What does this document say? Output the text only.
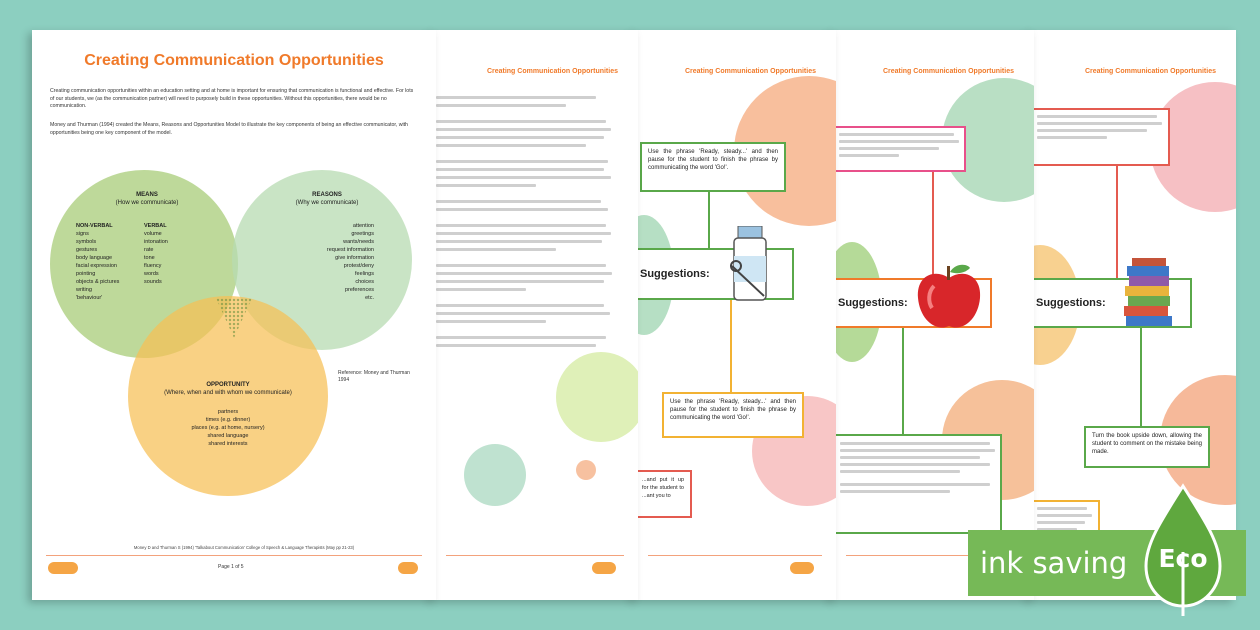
Creating Communication Opportunities
Suggestions:
Turn the book upside down, allowing the student to comment on the mistake being made.
Creating Communication Opportunities
Suggestions:
Creating Communication Opportunities
Use the phrase 'Ready, steady...' and then pause for the student to finish the phrase by communicating the word 'Go!'.
Suggestions:
Use the phrase 'Ready, steady...' and then pause for the student to finish the phrase by communicating the word 'Go!'.
...and put it up for the student to ...ant you to
Creating Communication Opportunities
Creating Communication Opportunities
Creating communication opportunities within an education setting and at home is important for ensuring that communication is functional and effective. For lots of our students, we (as the communication partner) will need to purposely build in these opportunities. Without this opportunities, there would be no communication.
Money and Thurman (1994) created the Means, Reasons and Opportunities Model to illustrate the key components of being an effective communicator, with opportunities being one key component of the model.
MEANS
(How we communicate)
NON-VERBAL
signs
symbols
gestures
body language
facial expression
pointing
objects & pictures
writing
'behaviour'
VERBAL
volume
intonation
rate
tone
fluency
words
sounds
REASONS
(Why we communicate)
attention
greetings
wants/needs
request information
give information
protest/deny
feelings
choices
preferences
etc.
OPPORTUNITY
(Where, when and with whom we communicate)
partners
times (e.g. dinner)
places (e.g. at home, nursery)
shared language
shared interests
Reference: Money and Thurman 1994
Money D and Thurman S (1994) 'Talkabout Communication' College of Speech & Language Therapists (May pp 21-23)
Page 1 of 5	ink saving	Eco
